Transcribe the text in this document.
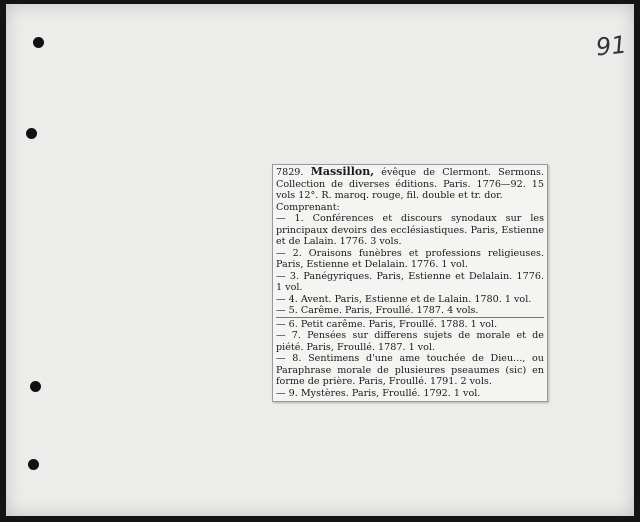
91

7829. Massillon, évêque de Clermont. Sermons. Collection de diverses éditions. Paris. 1776—92. 15 vols 12°. R. maroq. rouge, fil. double et tr. dor.

Comprenant:

— 1. Conférences et discours synodaux sur les principaux devoirs des ecclésiastiques. Paris, Estienne et de Lalain. 1776. 3 vols.

— 2. Oraisons funèbres et professions religieuses. Paris, Estienne et Delalain. 1776. 1 vol.

— 3. Panégyriques. Paris, Estienne et Delalain. 1776. 1 vol.

— 4. Avent. Paris, Estienne et de Lalain. 1780. 1 vol.

— 5. Carême. Paris, Froullé. 1787. 4 vols.

— 6. Petit carême. Paris, Froullé. 1788. 1 vol.

— 7. Pensées sur differens sujets de morale et de piété. Paris, Froullé. 1787. 1 vol.

— 8. Sentimens d'une ame touchée de Dieu..., ou Paraphrase morale de plusieures pseaumes (sic) en forme de prière. Paris, Froullé. 1791. 2 vols.

— 9. Mystères. Paris, Froullé. 1792. 1 vol.
